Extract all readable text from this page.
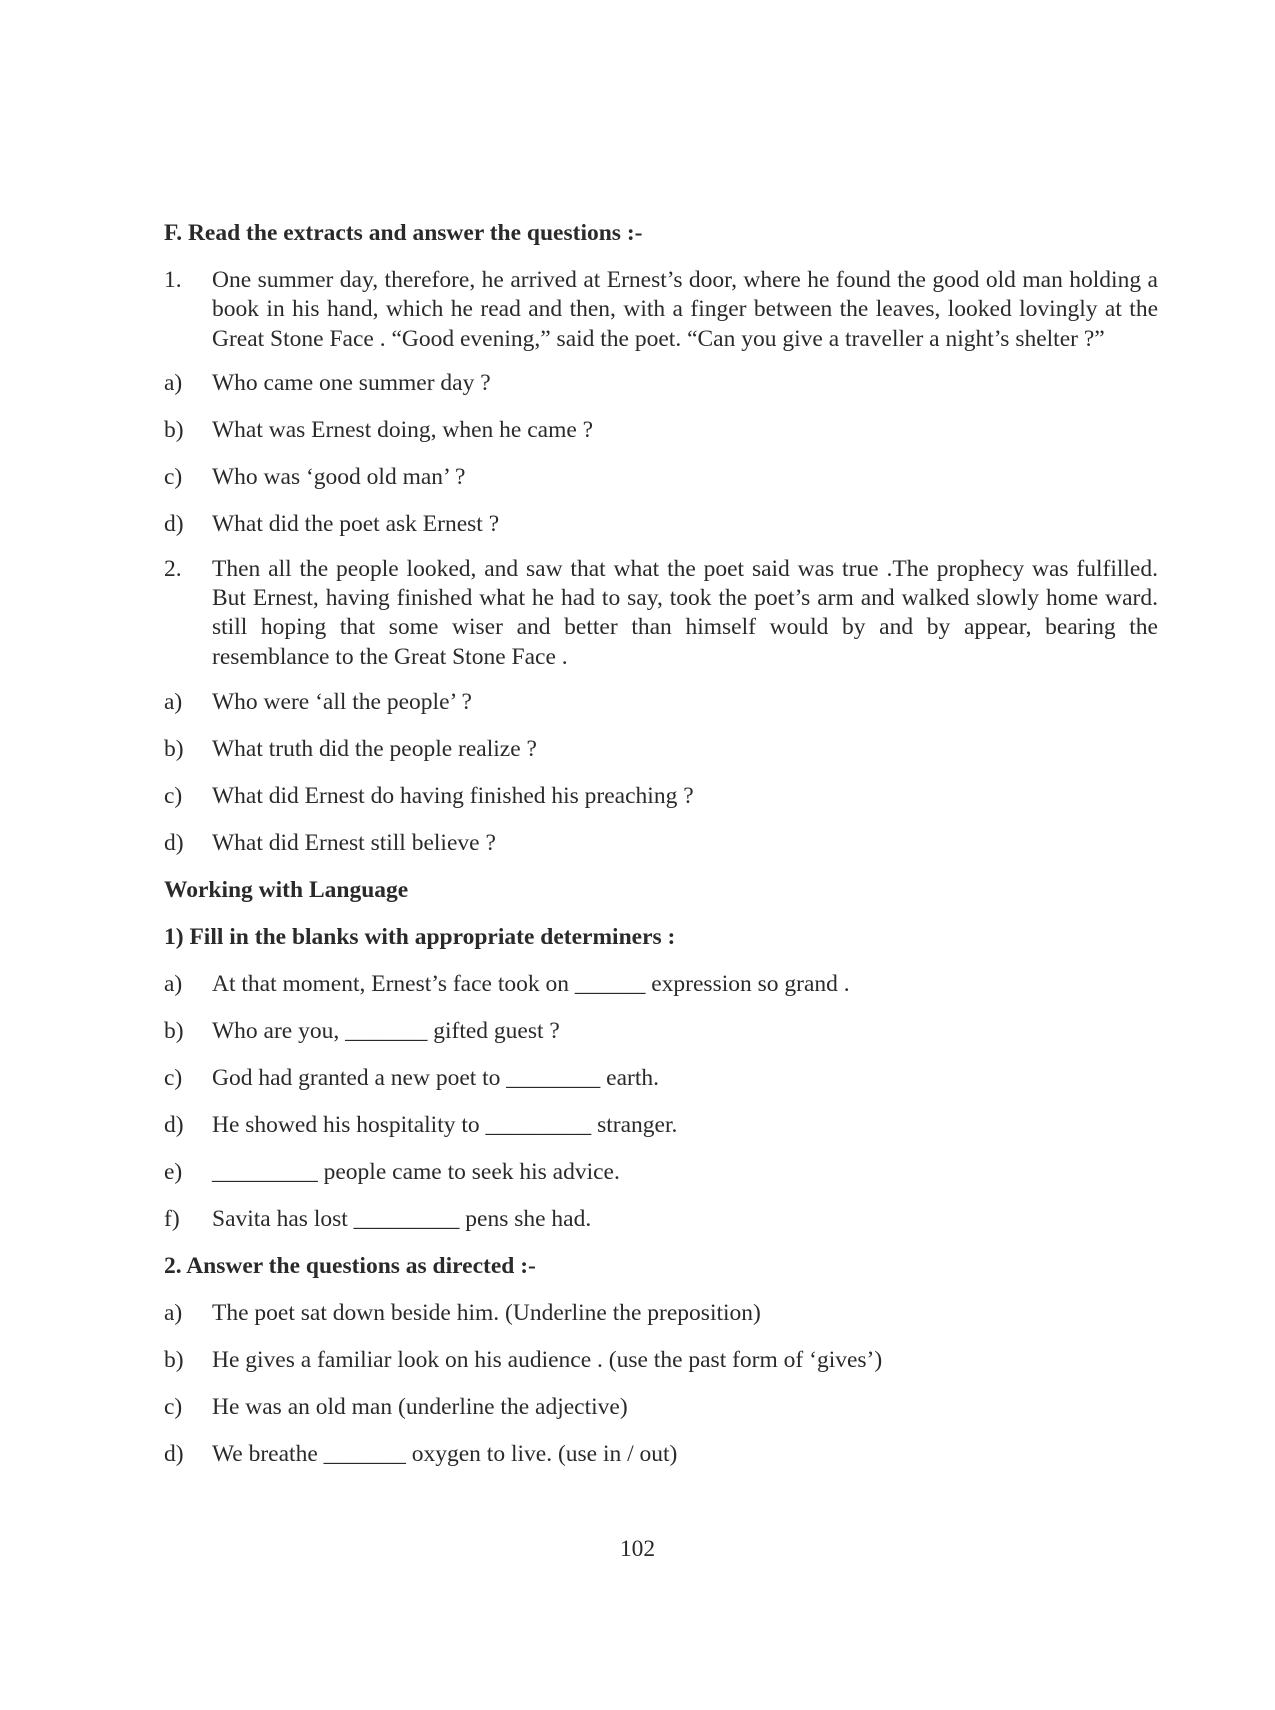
F. Read the extracts and answer the questions :-

1.	One summer day, therefore, he arrived at Ernest’s door, where he found the good old man holding a book in his hand, which he read and then, with a finger between the leaves, looked lovingly at the Great Stone Face . “Good evening,” said the poet. “Can you give a traveller a night’s shelter ?”
a)	Who came one summer day ?
b)	What was Ernest doing, when he came ?
c)	Who was ‘good old man’ ?
d)	What did the poet ask Ernest ?
2.	Then all the people looked, and saw that what the poet said was true .The prophecy was fulfilled. But Ernest, having finished what he had to say, took the poet’s arm and walked slowly home ward. still hoping that some wiser and better than himself would by and by appear, bearing the resemblance to the Great Stone Face .
a)	Who were ‘all the people’ ?
b)	What truth did the people realize ?
c)	What did Ernest do having finished his preaching ?
d)	What did Ernest still believe ?

Working with Language

1) Fill in the blanks with appropriate determiners :

a)	At that moment, Ernest’s face took on ______ expression so grand .
b)	Who are you, _______ gifted guest ?
c)	God had granted a new poet to ________ earth.
d)	He showed his hospitality to _________ stranger.
e)	_________ people came to seek his advice.
f)	Savita has lost _________ pens she had.

2. Answer the questions as directed :-

a)	The poet sat down beside him. (Underline the preposition)
b)	He gives a familiar look on his audience . (use the past form of ‘gives’)
c)	He was an old man (underline the adjective)
d)	We breathe _______ oxygen to live. (use in / out)
102
